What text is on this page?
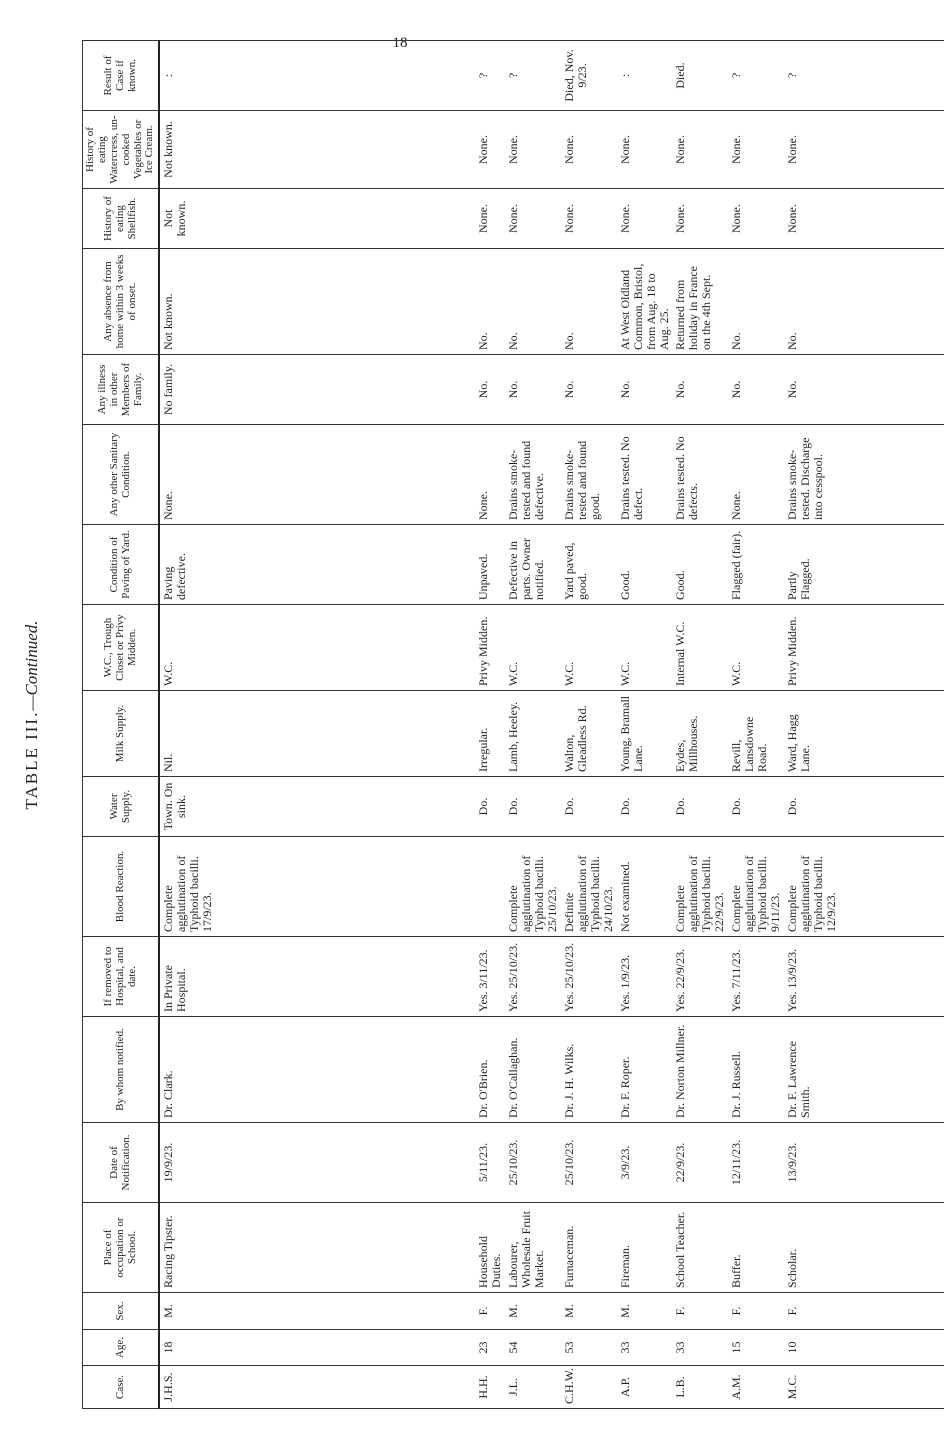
18
TABLE III.—Continued.
Case.	Age.	Sex.	Place of occupation or School.	Date of Notification.	By whom notified.	If removed to Hospital, and date.	Blood Reaction.	Water Supply.	Milk Supply.	W.C., Trough Closet or Privy Midden.	Condition of Paving of Yard.	Any other Sanitary Condition.	Any illness in other Members of Family.	Any absence from home within 3 weeks of onset.	History of eating Shellfish.	History of eating Watercress, un-cooked Vegetables or Ice Cream.	Result of Case if known.	
J.H.S.	18	M.	Racing Tipster.	19/9/23.	Dr. Clark.	In Private Hospital.	Complete agglutination of Typhoid bacilli. 17/9/23.	Town. On sink.	Nil.	W.C.	Paving defective.	None.	No family.	Not known.	Not known.	Not known.	:	
H.H.	23	F.	Household Duties.	5/11/23.	Dr. O'Brien.	Yes. 3/11/23.		Do.	Irregular.	Privy Midden.	Unpaved.	None.	No.	No.	None.	None.	?	
J.L.	54	M.	Labourer, Wholesale Fruit Market.	25/10/23.	Dr. O'Callaghan.	Yes. 25/10/23.	Complete agglutination of Typhoid bacilli. 25/10/23.	Do.	Lamb, Heeley.	W.C.	Defective in parts. Owner notified.	Drains smoke-tested and found defective.	No.	No.	None.	None.	?	
C.H.W.	53	M.	Furnaceman.	25/10/23.	Dr. J. H. Wilks.	Yes. 25/10/23.	Definite agglutination of Typhoid bacilli. 24/10/23.	Do.	Walton, Gleadless Rd.	W.C.	Yard paved, good.	Drains smoke-tested and found good.	No.	No.	None.	None.	Died, Nov. 9/23.	
A.P.	33	M.	Fireman.	3/9/23.	Dr. F. Roper.	Yes. 1/9/23.	Not examined.	Do.	Young, Bramall Lane.	W.C.	Good.	Drains tested. No defect.	No.	At West Oldland Common, Bristol, from Aug. 18 to Aug. 25.	None.	None.	:	
L.B.	33	F.	School Teacher.	22/9/23.	Dr. Norton Millner.	Yes. 22/9/23.	Complete agglutination of Typhoid bacilli. 22/9/23.	Do.	Eydes, Millhouses.	Internal W.C.	Good.	Drains tested. No defects.	No.	Returned from holiday in France on the 4th Sept.	None.	None.	Died.	
A.M.	15	F.	Buffer.	12/11/23.	Dr. J. Russell.	Yes. 7/11/23.	Complete agglutination of Typhoid bacilli. 9/11/23.	Do.	Revill, Lansdowne Road.	W.C.	Flagged (fair).	None.	No.	No.	None.	None.	?	
M.C.	10	F.	Scholar.	13/9/23.	Dr. F. Lawrence Smith.	Yes. 13/9/23.	Complete agglutination of Typhoid bacilli. 12/9/23.	Do.	Ward, Hagg Lane.	Privy Midden.	Partly Flagged.	Drains smoke-tested. Discharge into cesspool.	No.	No.	None.	None.	?	
